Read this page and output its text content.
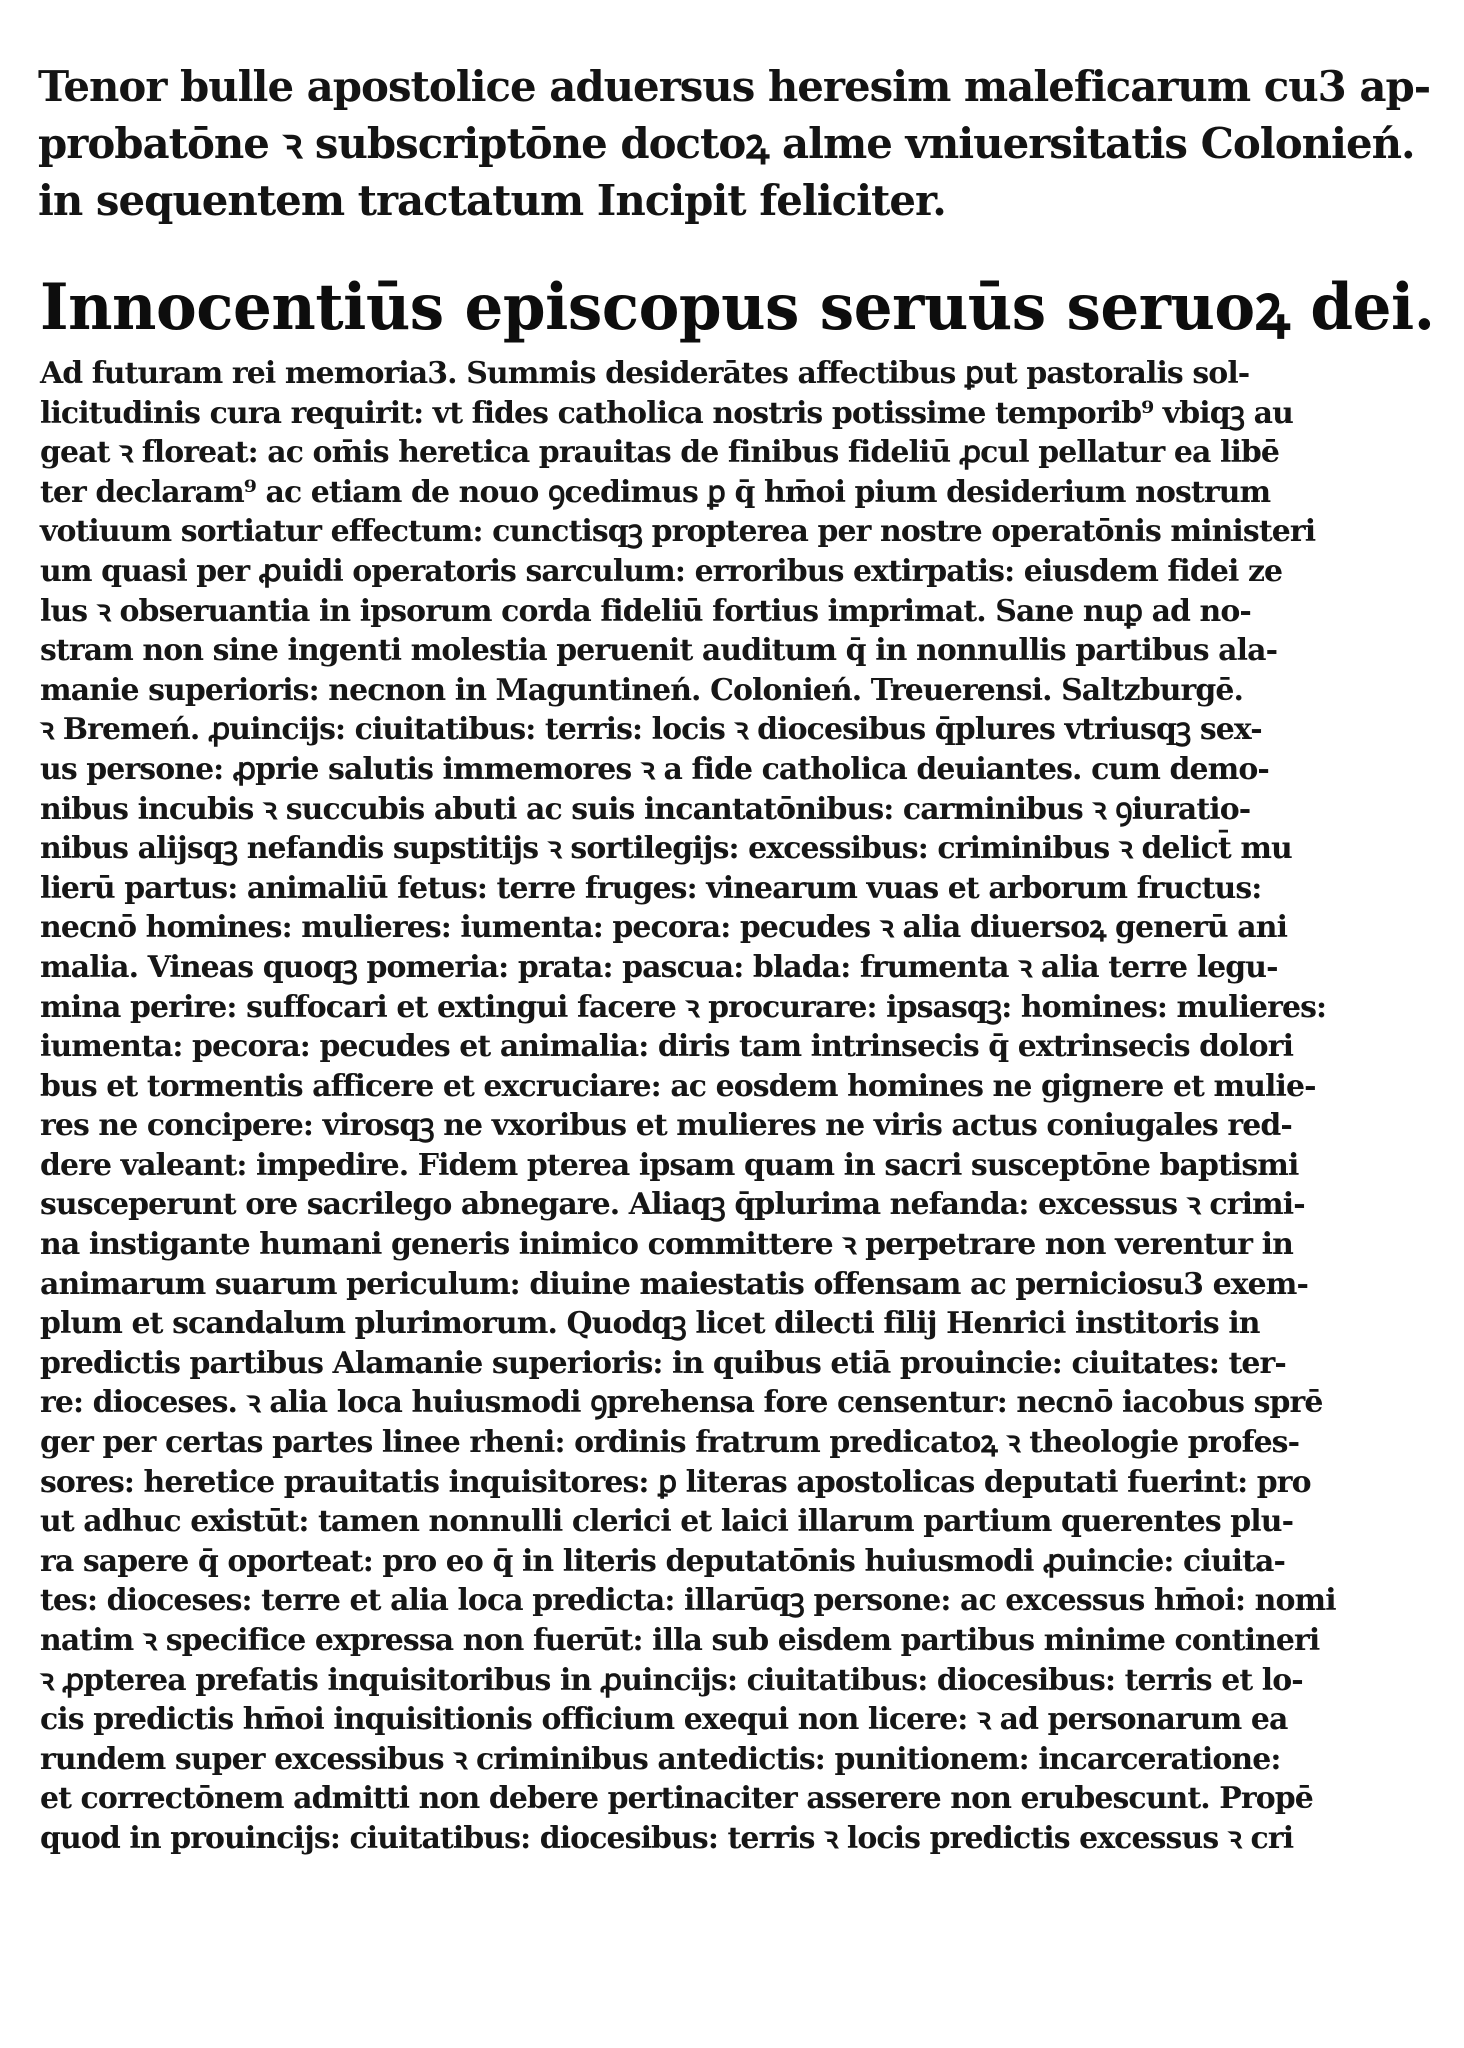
Tenor bulle apostolice aduersus heresim maleficarum cu3 ap-
probatōne ꝛ subscriptōne doctoꝝ alme vniuersitatis Colonień.
in sequentem tractatum Incipit feliciter.

Innocentiūs episcopus seruūs seruoꝝ dei.

Ad futuram rei memoria3. Summis desiderātes affectibus ꝑut pastoralis sol-
licitudinis cura requirit: vt fides catholica nostris potissime temporib⁹ vbiqꝫ au
geat ꝛ floreat: ac om̄is heretica prauitas de finibus fideliū ꝓcul pellatur ea libē
ter declaram⁹ ac etiam de nouo ꝯcedimus ꝑ q̄ hm̄oi pium desiderium nostrum
votiuum sortiatur effectum: cunctisqꝫ propterea per nostre operatōnis ministeri
um quasi per ꝓuidi operatoris sarculum: erroribus extirpatis: eiusdem fidei ze
lus ꝛ obseruantia in ipsorum corda fideliū fortius imprimat. Sane nuꝑ ad no-
stram non sine ingenti molestia peruenit auditum q̄ in nonnullis partibus ala-
manie superioris: necnon in Maguntineń. Colonień. Treuerensi. Saltzburgē.
ꝛ Bremeń. ꝓuincijs: ciuitatibus: terris: locis ꝛ diocesibus q̄plures vtriusqꝫ sex-
us persone: ꝓprie salutis immemores ꝛ a fide catholica deuiantes. cum demo-
nibus incubis ꝛ succubis abuti ac suis incantatōnibus: carminibus ꝛ ꝯiuratio-
nibus alijsqꝫ nefandis supstitijs ꝛ sortilegijs: excessibus: criminibus ꝛ delict̄ mu
lierū partus: animaliū fetus: terre fruges: vinearum vuas et arborum fructus:
necnō homines: mulieres: iumenta: pecora: pecudes ꝛ alia diuersoꝝ generū ani
malia. Vineas quoqꝫ pomeria: prata: pascua: blada: frumenta ꝛ alia terre legu-
mina perire: suffocari et extingui facere ꝛ procurare: ipsasqꝫ: homines: mulieres:
iumenta: pecora: pecudes et animalia: diris tam intrinsecis q̄ extrinsecis dolori
bus et tormentis afficere et excruciare: ac eosdem homines ne gignere et mulie-
res ne concipere: virosqꝫ ne vxoribus et mulieres ne viris actus coniugales red-
dere valeant: impedire. Fidem pterea ipsam quam in sacri susceptōne baptismi
susceperunt ore sacrilego abnegare. Aliaqꝫ q̄plurima nefanda: excessus ꝛ crimi-
na instigante humani generis inimico committere ꝛ perpetrare non verentur in
animarum suarum periculum: diuine maiestatis offensam ac perniciosu3 exem-
plum et scandalum plurimorum. Quodqꝫ licet dilecti filij Henrici institoris in
predictis partibus Alamanie superioris: in quibus etiā prouincie: ciuitates: ter-
re: dioceses. ꝛ alia loca huiusmodi ꝯprehensa fore censentur: necnō iacobus sprē
ger per certas partes linee rheni: ordinis fratrum predicatoꝝ ꝛ theologie profes-
sores: heretice prauitatis inquisitores: ꝑ literas apostolicas deputati fuerint: pro
ut adhuc existūt: tamen nonnulli clerici et laici illarum partium querentes plu-
ra sapere q̄ oporteat: pro eo q̄ in literis deputatōnis huiusmodi ꝓuincie: ciuita-
tes: dioceses: terre et alia loca predicta: illarūqꝫ persone: ac excessus hm̄oi: nomi
natim ꝛ specifice expressa non fuerūt: illa sub eisdem partibus minime contineri
ꝛ ꝓpterea prefatis inquisitoribus in ꝓuincijs: ciuitatibus: diocesibus: terris et lo-
cis predictis hm̄oi inquisitionis officium exequi non licere: ꝛ ad personarum ea
rundem super excessibus ꝛ criminibus antedictis: punitionem: incarceratione:
et correctōnem admitti non debere pertinaciter asserere non erubescunt. Propē
quod in prouincijs: ciuitatibus: diocesibus: terris ꝛ locis predictis excessus ꝛ cri
